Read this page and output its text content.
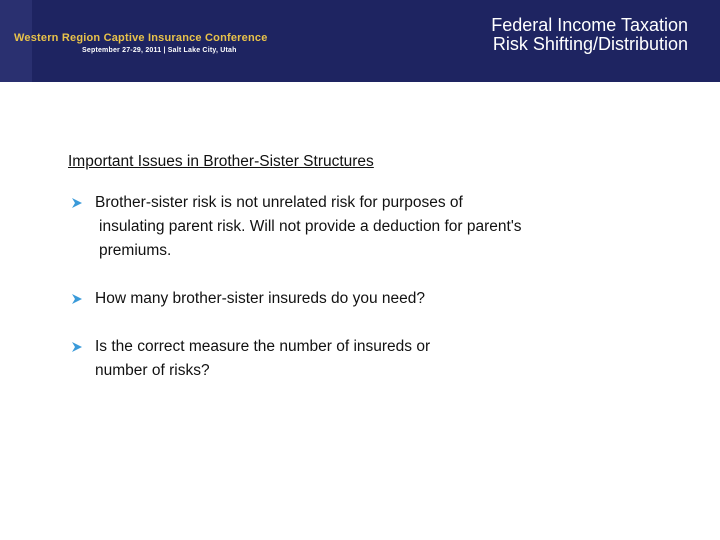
Western Region Captive Insurance Conference
September 27-29, 2011 | Salt Lake City, Utah
Federal Income Taxation
Risk Shifting/Distribution
Important Issues in Brother-Sister Structures
Brother-sister risk is not unrelated risk for purposes of
insulating parent risk. Will not provide a deduction for parent's
premiums.
How many brother-sister insureds do you need?
Is the correct measure the number of insureds or
number of risks?
